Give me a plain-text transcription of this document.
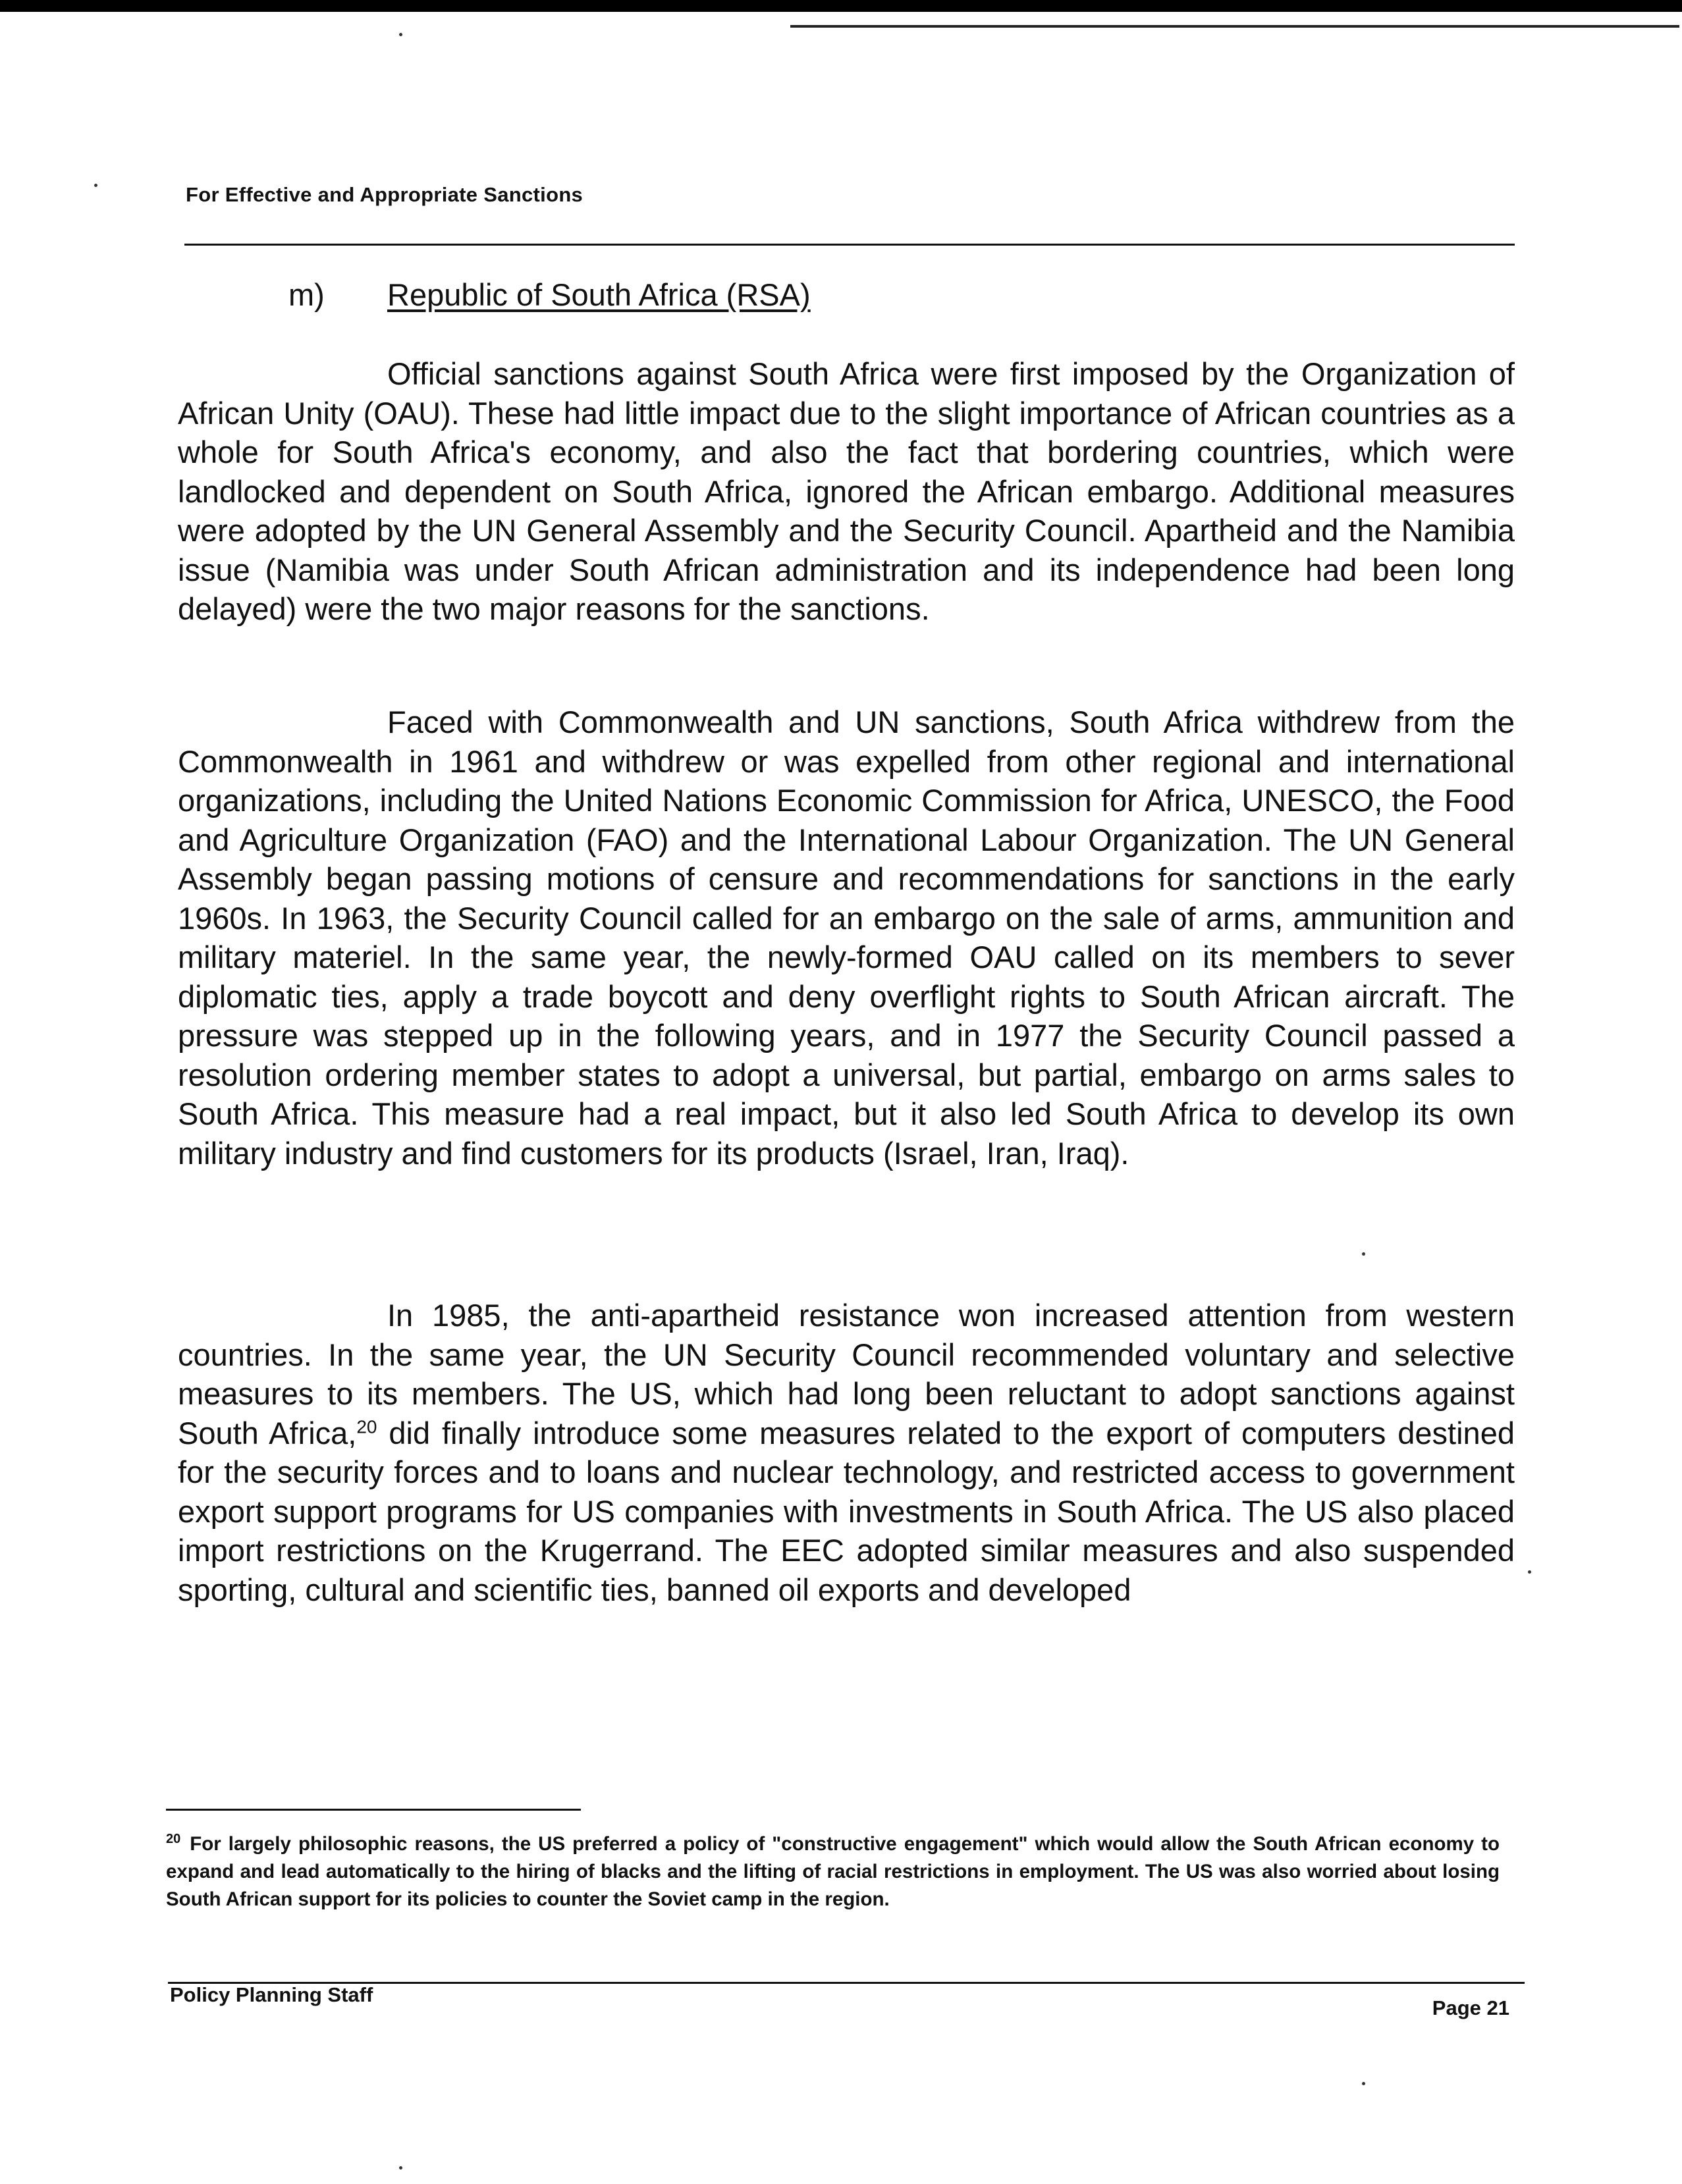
For Effective and Appropriate Sanctions
m) Republic of South Africa (RSA)

Official sanctions against South Africa were first imposed by the Organization of African Unity (OAU). These had little impact due to the slight importance of African countries as a whole for South Africa's economy, and also the fact that bordering countries, which were landlocked and dependent on South Africa, ignored the African embargo. Additional measures were adopted by the UN General Assembly and the Security Council. Apartheid and the Namibia issue (Namibia was under South African administration and its independence had been long delayed) were the two major reasons for the sanctions.

Faced with Commonwealth and UN sanctions, South Africa withdrew from the Commonwealth in 1961 and withdrew or was expelled from other regional and international organizations, including the United Nations Economic Commission for Africa, UNESCO, the Food and Agriculture Organization (FAO) and the International Labour Organization. The UN General Assembly began passing motions of censure and recommendations for sanctions in the early 1960s. In 1963, the Security Council called for an embargo on the sale of arms, ammunition and military materiel. In the same year, the newly-formed OAU called on its members to sever diplomatic ties, apply a trade boycott and deny overflight rights to South African aircraft. The pressure was stepped up in the following years, and in 1977 the Security Council passed a resolution ordering member states to adopt a universal, but partial, embargo on arms sales to South Africa. This measure had a real impact, but it also led South Africa to develop its own military industry and find customers for its products (Israel, Iran, Iraq).

In 1985, the anti-apartheid resistance won increased attention from western countries. In the same year, the UN Security Council recommended voluntary and selective measures to its members. The US, which had long been reluctant to adopt sanctions against South Africa,$^{20}$ did finally introduce some measures related to the export of computers destined for the security forces and to loans and nuclear technology, and restricted access to government export support programs for US companies with investments in South Africa. The US also placed import restrictions on the Krugerrand. The EEC adopted similar measures and also suspended sporting, cultural and scientific ties, banned oil exports and developed

$^{20}$ For largely philosophic reasons, the US preferred a policy of "constructive engagement" which would allow the South African economy to expand and lead automatically to the hiring of blacks and the lifting of racial restrictions in employment. The US was also worried about losing South African support for its policies to counter the Soviet camp in the region.

Policy Planning Staff
Page 21
